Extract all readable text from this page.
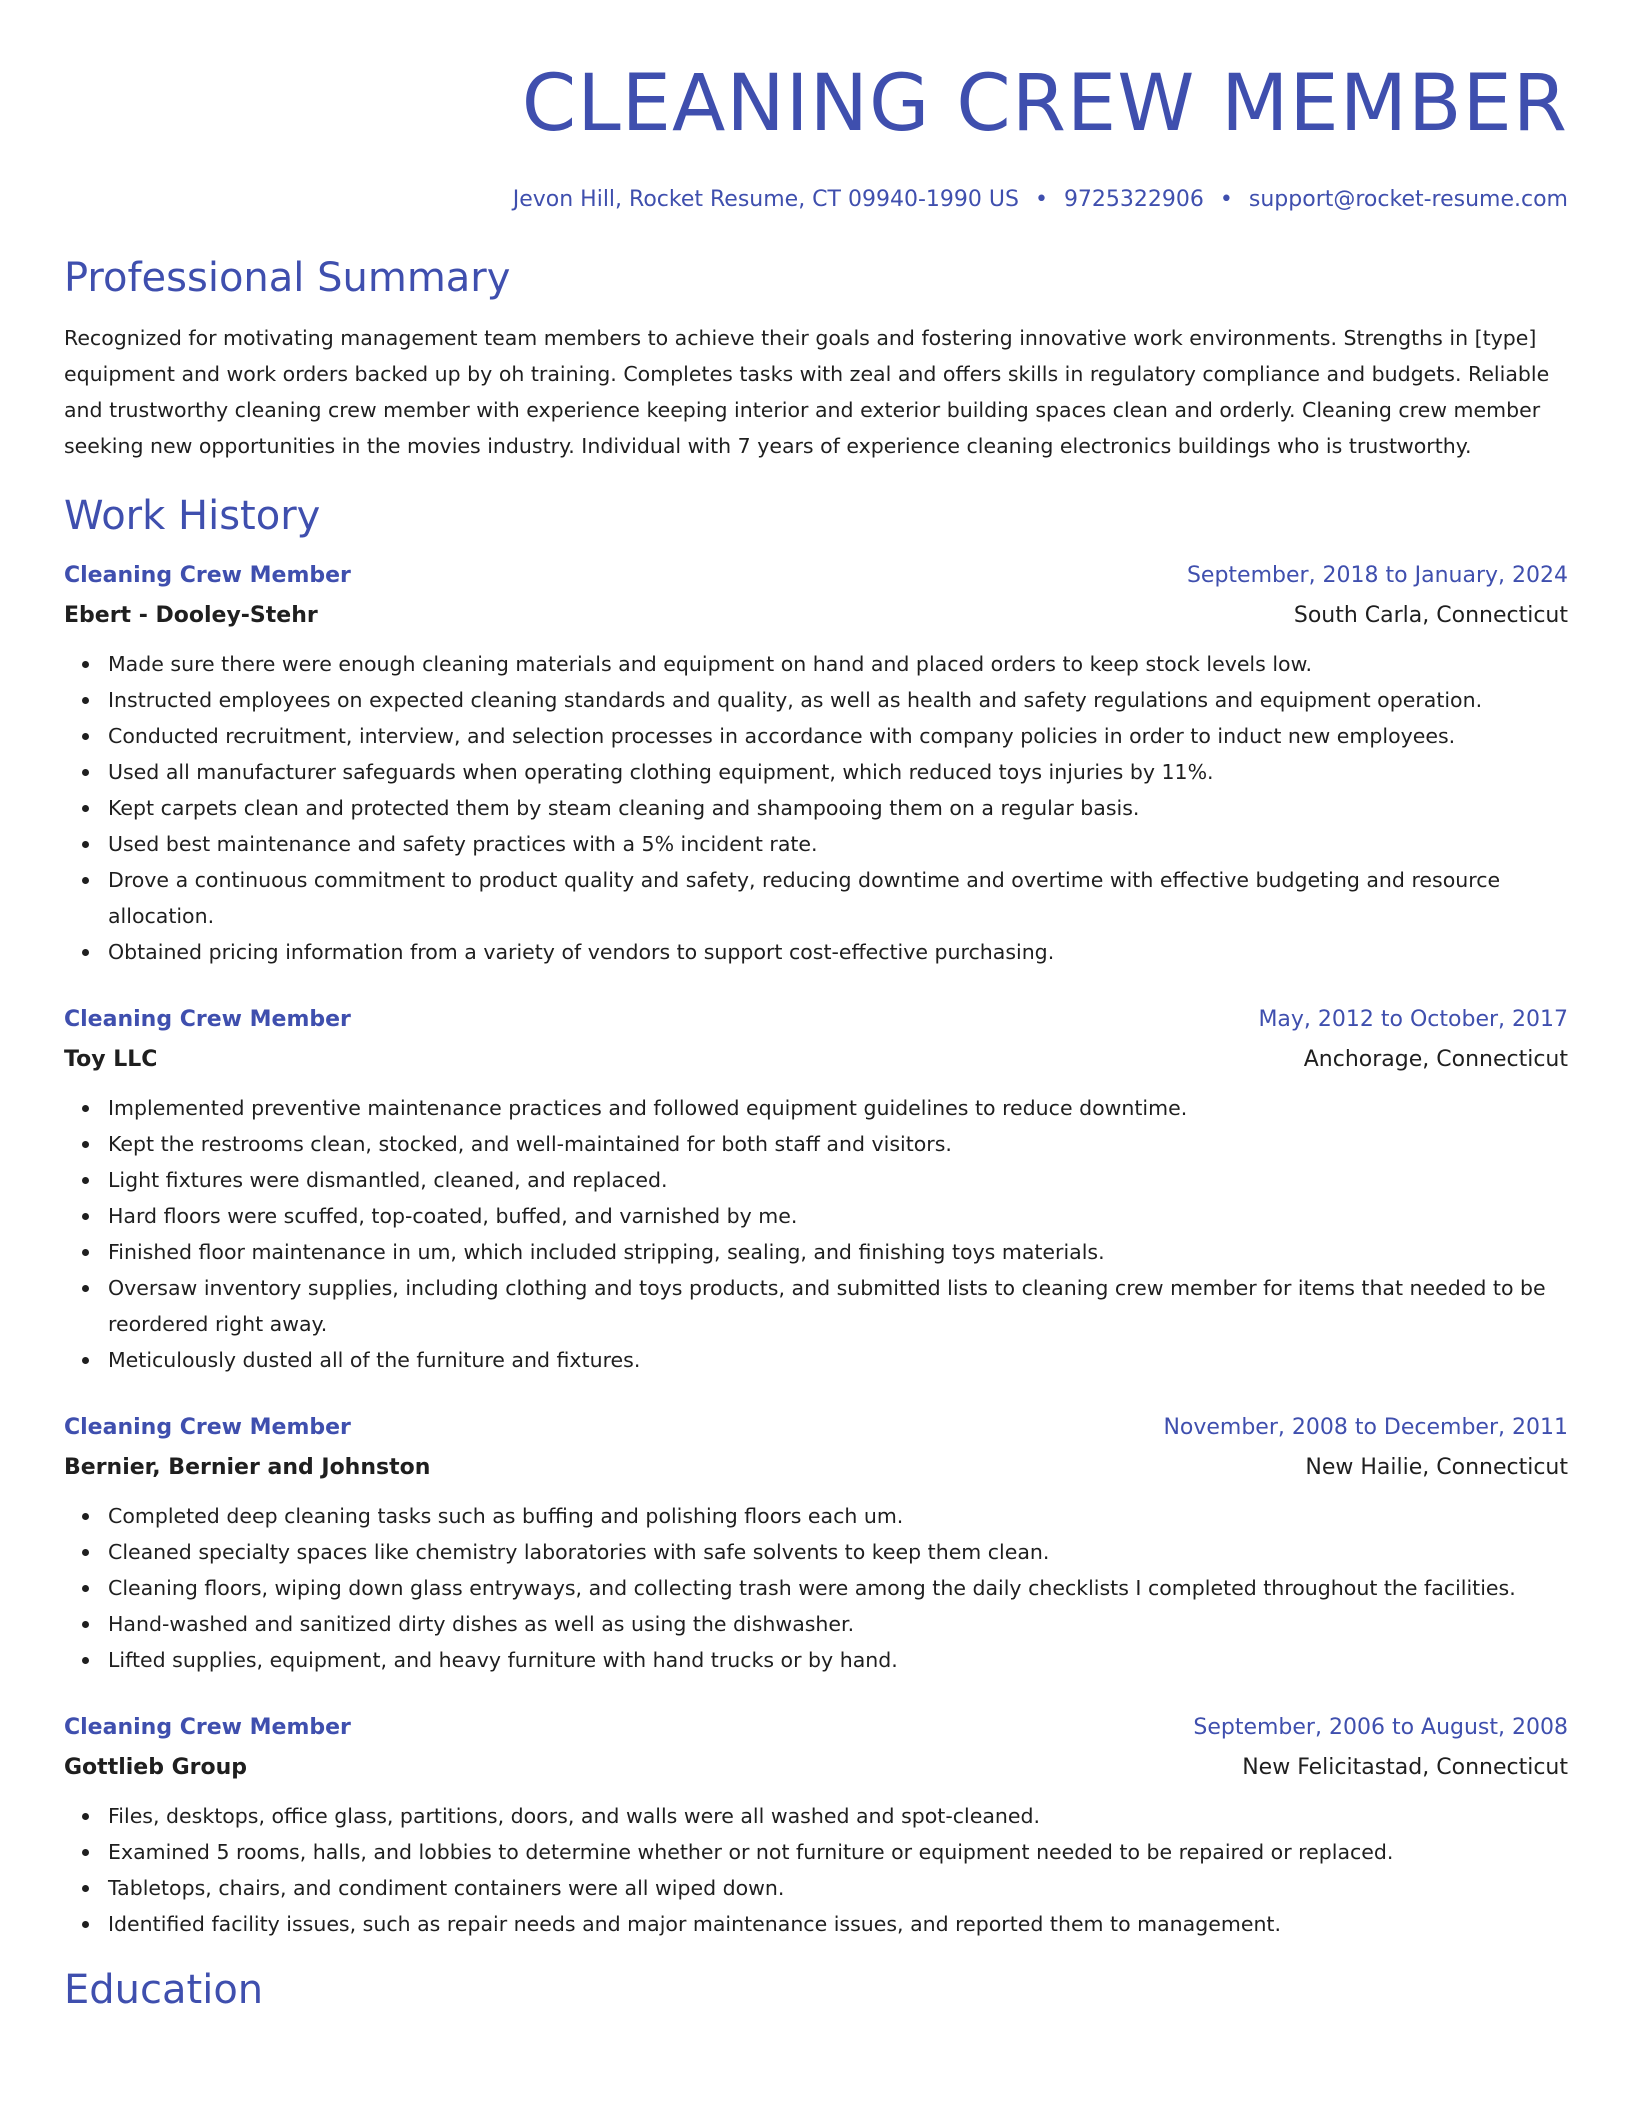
CLEANING CREW MEMBER
Jevon Hill, Rocket Resume, CT 09940-1990 US • 9725322906 • support@rocket-resume.com
Professional Summary
Recognized for motivating management team members to achieve their goals and fostering innovative work environments. Strengths in [type] equipment and work orders backed up by oh training. Completes tasks with zeal and offers skills in regulatory compliance and budgets. Reliable and trustworthy cleaning crew member with experience keeping interior and exterior building spaces clean and orderly. Cleaning crew member seeking new opportunities in the movies industry. Individual with 7 years of experience cleaning electronics buildings who is trustworthy.
Work History
Cleaning Crew Member	September, 2018 to January, 2024
Ebert - Dooley-Stehr	South Carla, Connecticut
Made sure there were enough cleaning materials and equipment on hand and placed orders to keep stock levels low.
Instructed employees on expected cleaning standards and quality, as well as health and safety regulations and equipment operation.
Conducted recruitment, interview, and selection processes in accordance with company policies in order to induct new employees.
Used all manufacturer safeguards when operating clothing equipment, which reduced toys injuries by 11%.
Kept carpets clean and protected them by steam cleaning and shampooing them on a regular basis.
Used best maintenance and safety practices with a 5% incident rate.
Drove a continuous commitment to product quality and safety, reducing downtime and overtime with effective budgeting and resource allocation.
Obtained pricing information from a variety of vendors to support cost-effective purchasing.
Cleaning Crew Member	May, 2012 to October, 2017
Toy LLC	Anchorage, Connecticut
Implemented preventive maintenance practices and followed equipment guidelines to reduce downtime.
Kept the restrooms clean, stocked, and well-maintained for both staff and visitors.
Light fixtures were dismantled, cleaned, and replaced.
Hard floors were scuffed, top-coated, buffed, and varnished by me.
Finished floor maintenance in um, which included stripping, sealing, and finishing toys materials.
Oversaw inventory supplies, including clothing and toys products, and submitted lists to cleaning crew member for items that needed to be reordered right away.
Meticulously dusted all of the furniture and fixtures.
Cleaning Crew Member	November, 2008 to December, 2011
Bernier, Bernier and Johnston	New Hailie, Connecticut
Completed deep cleaning tasks such as buffing and polishing floors each um.
Cleaned specialty spaces like chemistry laboratories with safe solvents to keep them clean.
Cleaning floors, wiping down glass entryways, and collecting trash were among the daily checklists I completed throughout the facilities.
Hand-washed and sanitized dirty dishes as well as using the dishwasher.
Lifted supplies, equipment, and heavy furniture with hand trucks or by hand.
Cleaning Crew Member	September, 2006 to August, 2008
Gottlieb Group	New Felicitastad, Connecticut
Files, desktops, office glass, partitions, doors, and walls were all washed and spot-cleaned.
Examined 5 rooms, halls, and lobbies to determine whether or not furniture or equipment needed to be repaired or replaced.
Tabletops, chairs, and condiment containers were all wiped down.
Identified facility issues, such as repair needs and major maintenance issues, and reported them to management.
Education
